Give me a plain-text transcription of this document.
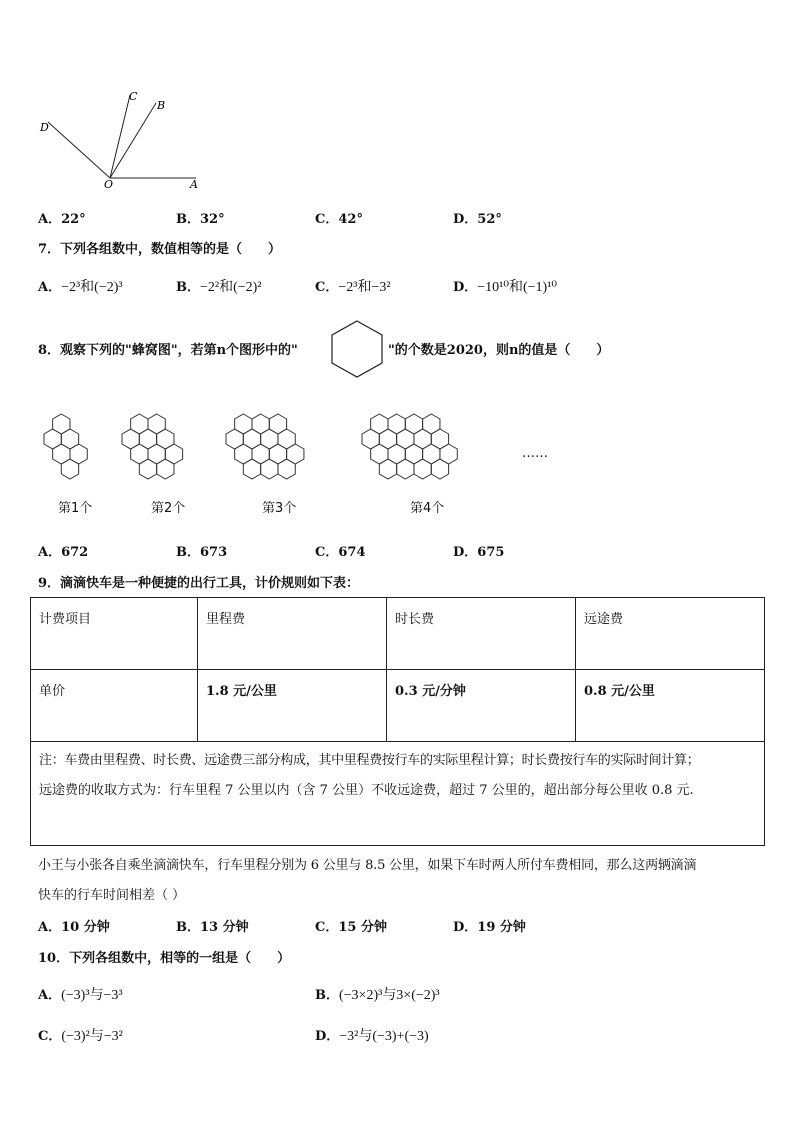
C
B
D
O	A
A．22°	B．32°	C．42°	D．52°
7．下列各组数中，数值相等的是（　　）
A．−2³和(−2)³	B．−2²和(−2)²	C．−2³和−3²	D．−10¹⁰和(−1)¹⁰
8．观察下列的"蜂窝图"，若第n个图形中的"	"的个数是2020，则n的值是（　　）
第1个	第2个	第3个	第4个
……
A．672	B．673	C．674	D．675
9．滴滴快车是一种便捷的出行工具，计价规则如下表：
计费项目	里程费	时长费	远途费
单价	1.8 元/公里	0.3 元/分钟	0.8 元/公里

注：车费由里程费、时长费、远途费三部分构成，其中里程费按行车的实际里程计算；时长费按行车的实际时间计算；
远途费的收取方式为：行车里程 7 公里以内（含 7 公里）不收远途费，超过 7 公里的，超出部分每公里收 0.8 元.			
小王与小张各自乘坐滴滴快车，行车里程分别为 6 公里与 8.5 公里，如果下车时两人所付车费相同，那么这两辆滴滴
快车的行车时间相差（ ）
A．10 分钟	B．13 分钟	C．15 分钟	D．19 分钟
10．下列各组数中，相等的一组是（　　）
A．(−3)³与−3³	B．(−3×2)³与3×(−2)³
C．(−3)²与−3²	D．−3²与(−3)+(−3)
